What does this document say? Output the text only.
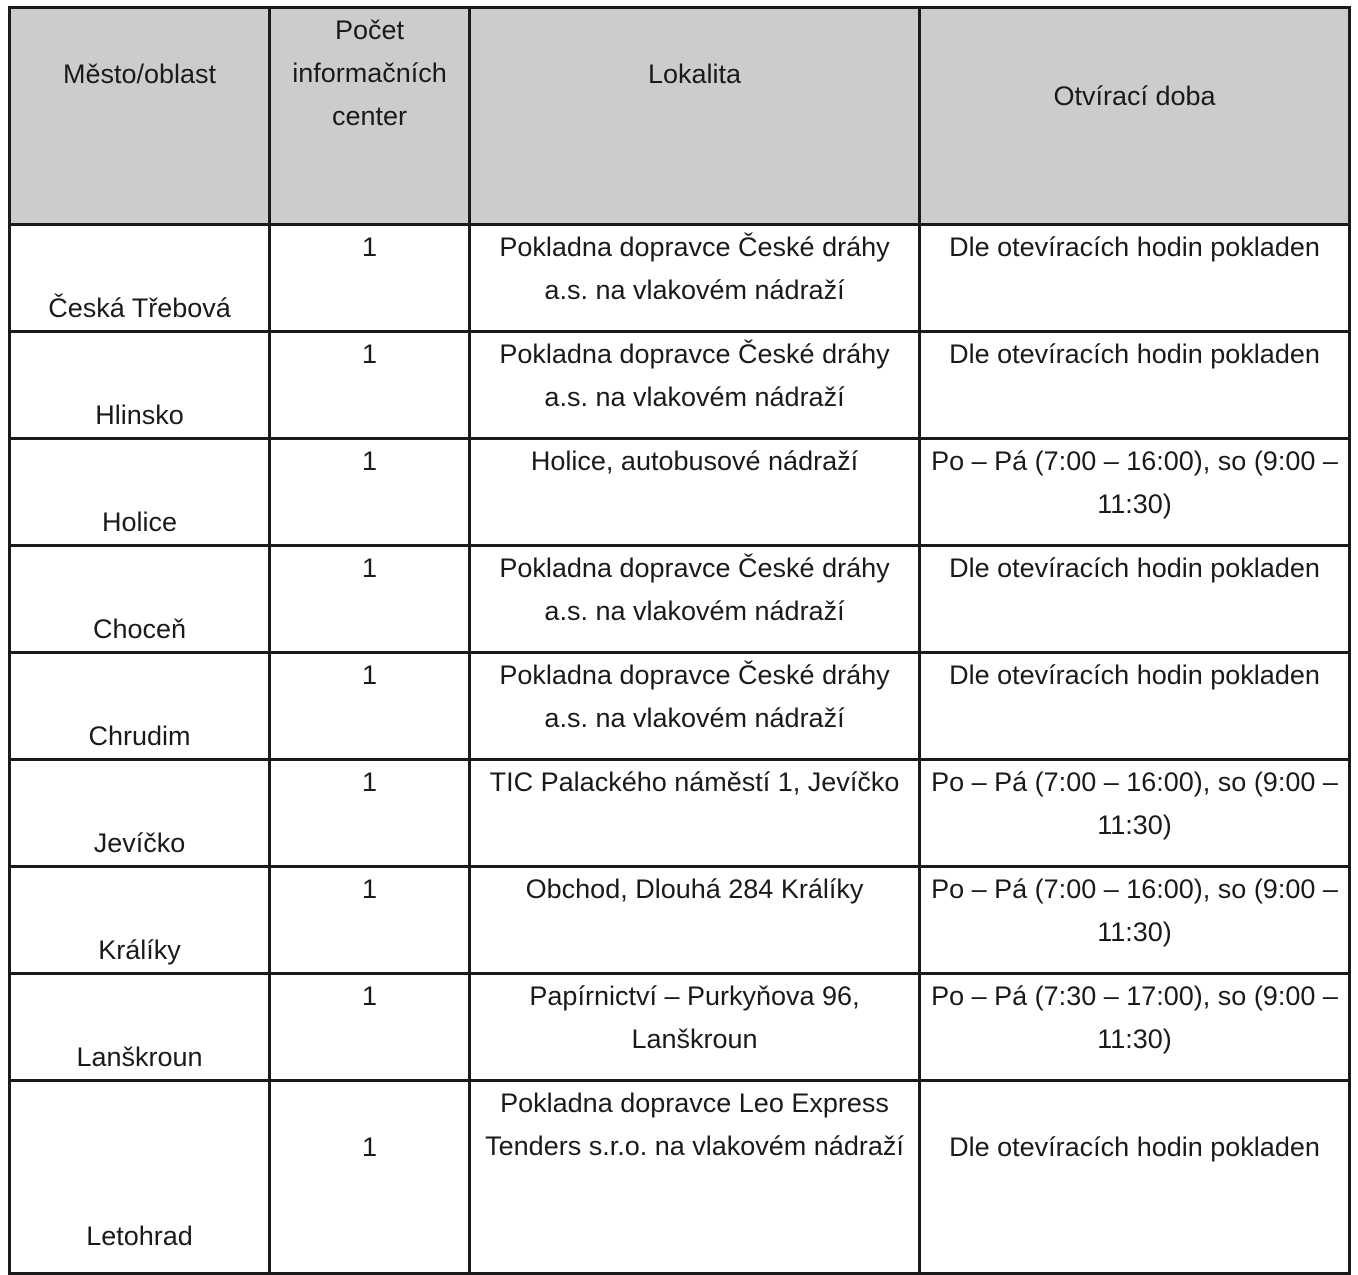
Město/oblast	Počet informačních center	Lokalita	Otvírací doba
Česká Třebová	1	Pokladna dopravce České dráhy a.s. na vlakovém nádraží	Dle otevíracích hodin pokladen
Hlinsko	1	Pokladna dopravce České dráhy a.s. na vlakovém nádraží	Dle otevíracích hodin pokladen
Holice	1	Holice, autobusové nádraží	Po – Pá (7:00 – 16:00), so (9:00 – 11:30)
Choceň	1	Pokladna dopravce České dráhy a.s. na vlakovém nádraží	Dle otevíracích hodin pokladen
Chrudim	1	Pokladna dopravce České dráhy a.s. na vlakovém nádraží	Dle otevíracích hodin pokladen
Jevíčko	1	TIC Palackého náměstí 1, Jevíčko	Po – Pá (7:00 – 16:00), so (9:00 – 11:30)
Králíky	1	Obchod, Dlouhá 284 Králíky	Po – Pá (7:00 – 16:00), so (9:00 – 11:30)
Lanškroun	1	Papírnictví – Purkyňova 96, Lanškroun	Po – Pá (7:30 – 17:00), so (9:00 – 11:30)
Letohrad	1	Pokladna dopravce Leo Express Tenders s.r.o. na vlakovém nádraží	Dle otevíracích hodin pokladen
